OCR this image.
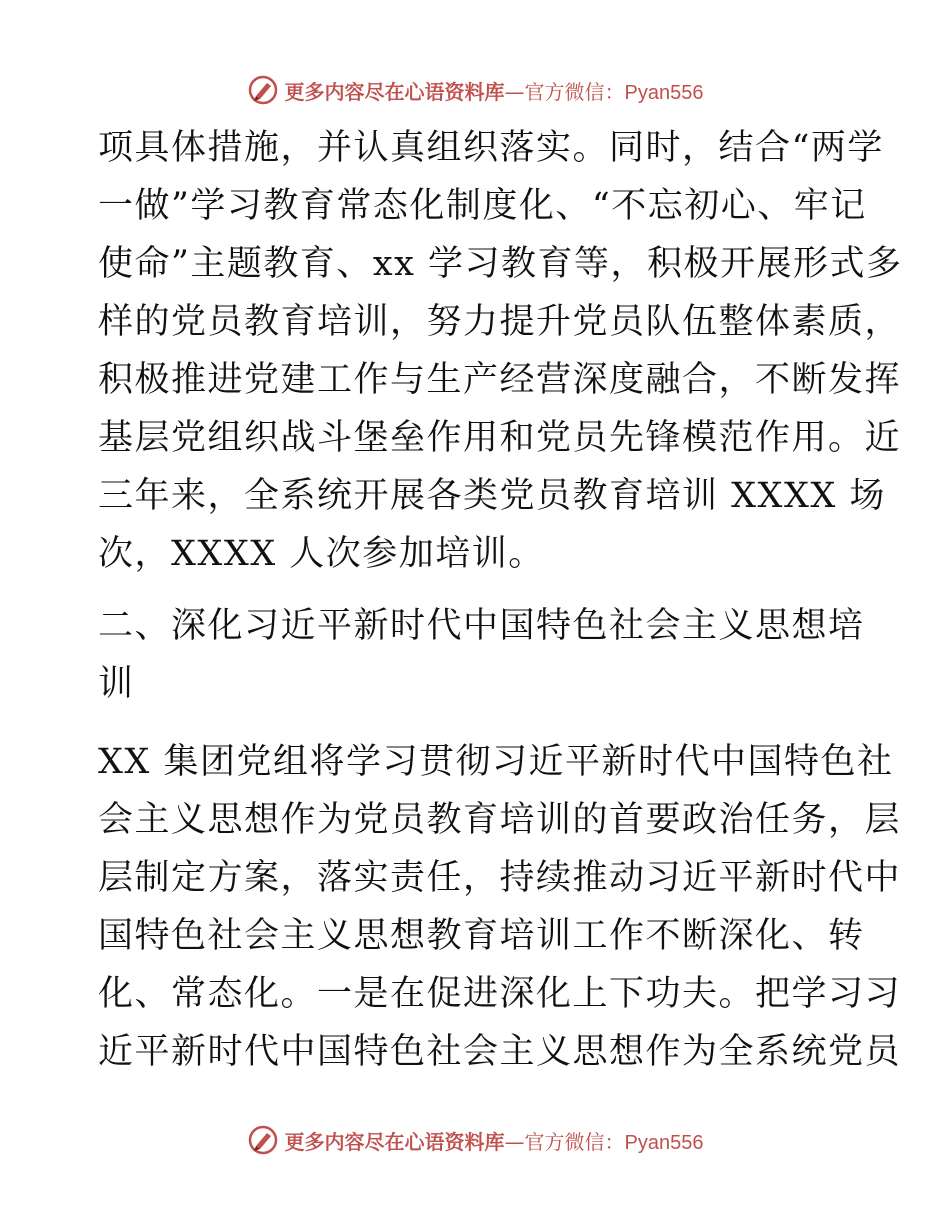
更多内容尽在心语资料库—官方微信：Pyan556
项具体措施，并认真组织落实。同时，结合“两学
一做”学习教育常态化制度化、“不忘初心、牢记
使命”主题教育、xx 学习教育等，积极开展形式多
样的党员教育培训，努力提升党员队伍整体素质，
积极推进党建工作与生产经营深度融合，不断发挥
基层党组织战斗堡垒作用和党员先锋模范作用。近
三年来，全系统开展各类党员教育培训 XXXX 场
次，XXXX 人次参加培训。
二、深化习近平新时代中国特色社会主义思想培
训
XX 集团党组将学习贯彻习近平新时代中国特色社
会主义思想作为党员教育培训的首要政治任务，层
层制定方案，落实责任，持续推动习近平新时代中
国特色社会主义思想教育培训工作不断深化、转
化、常态化。一是在促进深化上下功夫。把学习习
近平新时代中国特色社会主义思想作为全系统党员
更多内容尽在心语资料库—官方微信：Pyan556
